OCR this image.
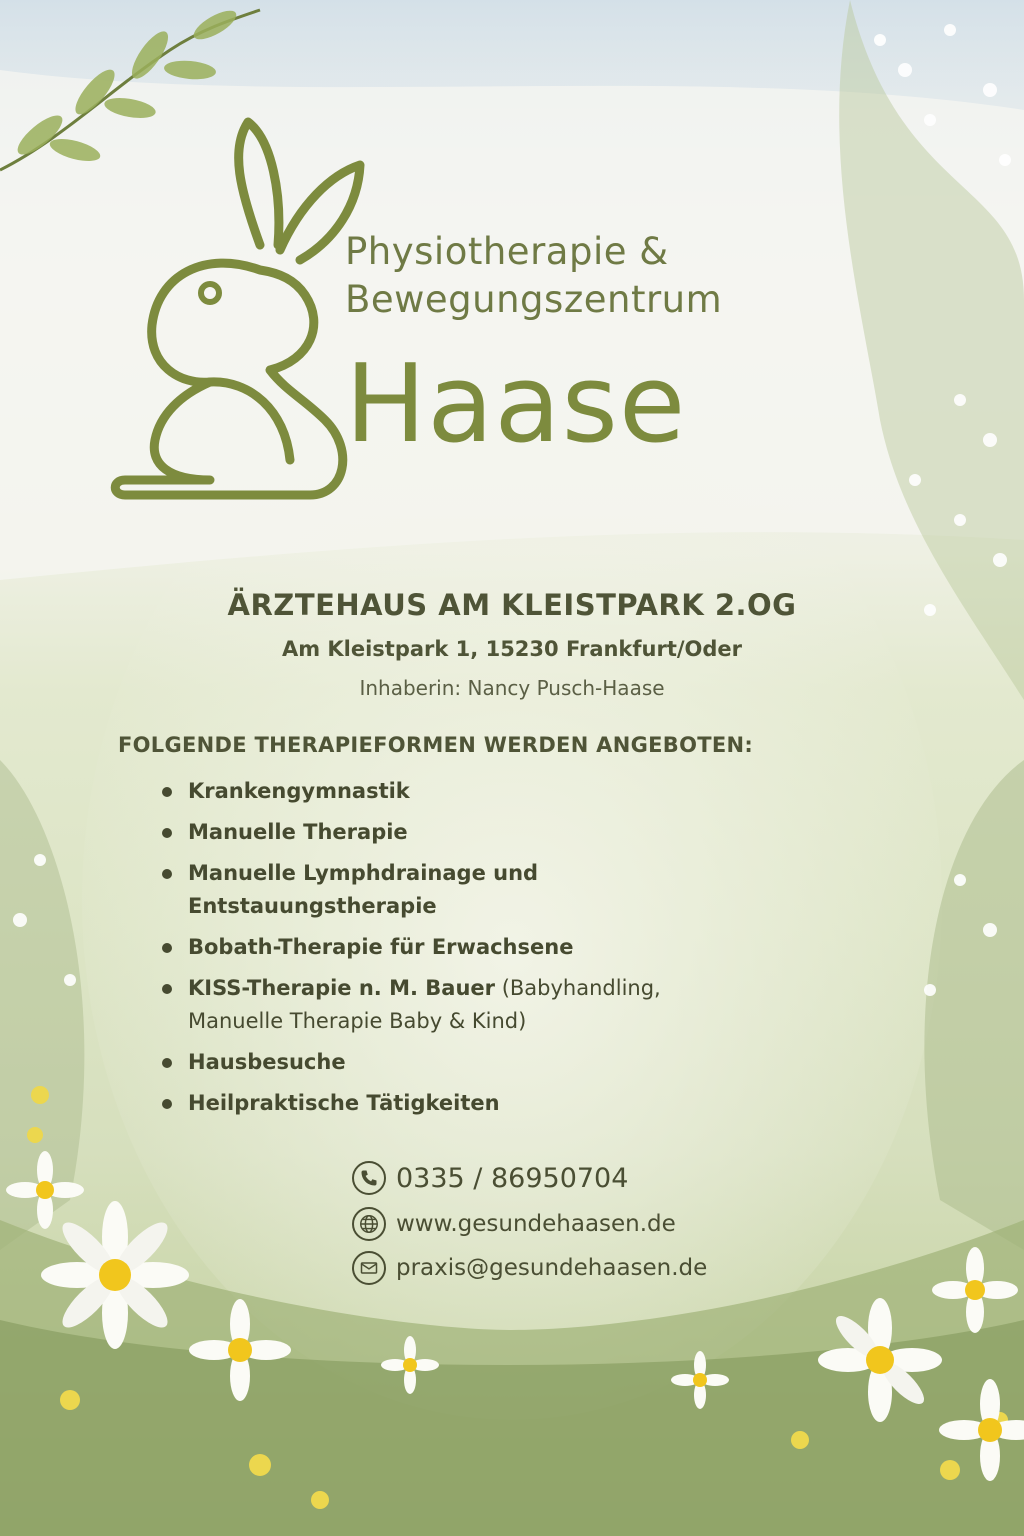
Physiotherapie &
Bewegungszentrum
Haase
ÄRZTEHAUS AM KLEISTPARK 2.OG
Am Kleistpark 1, 15230 Frankfurt/Oder
Inhaberin: Nancy Pusch-Haase
FOLGENDE THERAPIEFORMEN WERDEN ANGEBOTEN:
Krankengymnastik
Manuelle Therapie
Manuelle Lymphdrainage und Entstauungstherapie
Bobath-Therapie für Erwachsene
KISS-Therapie n. M. Bauer (Babyhandling, Manuelle Therapie Baby & Kind)
Hausbesuche
Heilpraktische Tätigkeiten
0335 / 86950704
www.gesundehaasen.de
praxis@gesundehaasen.de
